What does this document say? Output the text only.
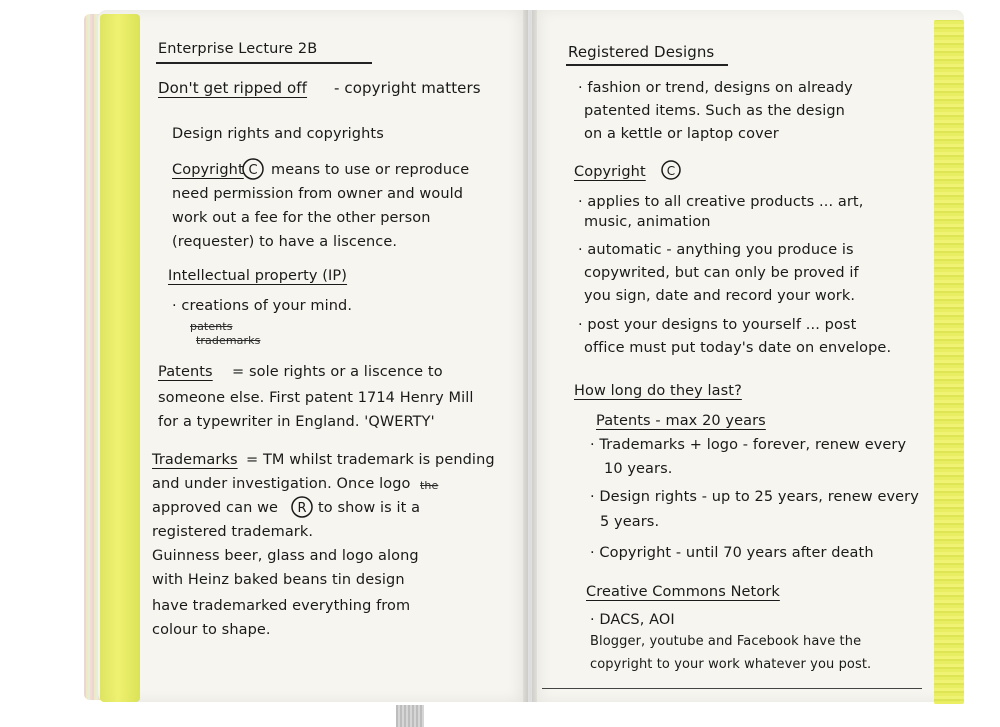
Enterprise Lecture 2B
Don't get ripped off - copyright matters
Design rights and copyrights
Copyright C means to use or reproduce
need permission from owner and would
work out a fee for the other person
(requester) to have a liscence.
Intellectual property (IP)
· creations of your mind.
patents
trademarks
Patents = sole rights or a liscence to
someone else. First patent 1714 Henry Mill
for a typewriter in England. 'QWERTY'
Trademarks = TM whilst trademark is pending
and under investigation. Once logo the
approved can we R to show is it a
registered trademark.
Guinness beer, glass and logo along
with Heinz baked beans tin design
have trademarked everything from
colour to shape.
Registered Designs
· fashion or trend, designs on already
patented items. Such as the design
on a kettle or laptop cover
Copyright C
· applies to all creative products ... art,
music, animation
· automatic - anything you produce is
copywrited, but can only be proved if
you sign, date and record your work.
· post your designs to yourself ... post
office must put today's date on envelope.
How long do they last?
Patents - max 20 years
· Trademarks + logo - forever, renew every
10 years.
· Design rights - up to 25 years, renew every
5 years.
· Copyright - until 70 years after death
Creative Commons Netork
· DACS, AOI
Blogger, youtube and Facebook have the
copyright to your work whatever you post.
